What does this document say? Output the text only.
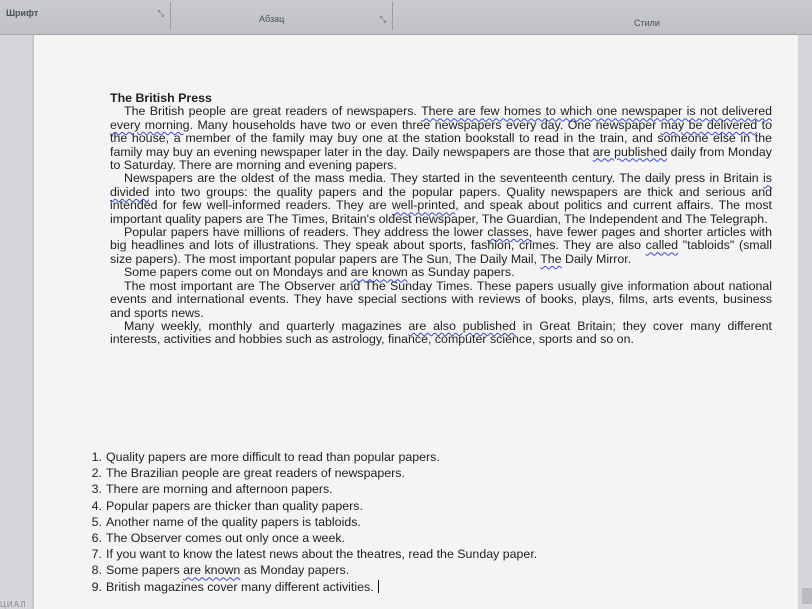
Шрифт	⤡
Абзац	⤡	Стили

The British Press

The British people are great readers of newspapers. There are few homes to which one newspaper is not delivered every morning. Many households have two or even three newspapers every day. One newspaper may be delivered to the house, a member of the family may buy one at the station bookstall to read in the train, and someone else in the family may buy an evening newspaper later in the day. Daily newspapers are those that are published daily from Monday to Saturday. There are morning and evening papers.

Newspapers are the oldest of the mass media. They started in the seventeenth century. The daily press in Britain is divided into two groups: the quality papers and the popular papers. Quality newspapers are thick and serious and intended for few well-informed readers. They are well-printed, and speak about politics and current affairs. The most important quality papers are The Times, Britain's oldest newspaper, The Guardian, The Independent and The Telegraph.

Popular papers have millions of readers. They address the lower classes, have fewer pages and shorter articles with big headlines and lots of illustrations. They speak about sports, fashion, crimes. They are also called "tabloids" (small size papers). The most important popular papers are The Sun, The Daily Mail, The Daily Mirror.

Some papers come out on Mondays and are known as Sunday papers.

The most important are The Observer and The Sunday Times. These papers usually give information about national events and international events. They have special sections with reviews of books, plays, films, arts events, business and sports news.

Many weekly, monthly and quarterly magazines are also published in Great Britain; they cover many different interests, activities and hobbies such as astrology, finance, computer science, sports and so on.

1. Quality papers are more difficult to read than popular papers.
2. The Brazilian people are great readers of newspapers.
3. There are morning and afternoon papers.
4. Popular papers are thicker than quality papers.
5. Another name of the quality papers is tabloids.
6. The Observer comes out only once a week.
7. If you want to know the latest news about the theatres, read the Sunday paper.
8. Some papers are known as Monday papers.
9. British magazines cover many different activities.
ЦИАЛ
